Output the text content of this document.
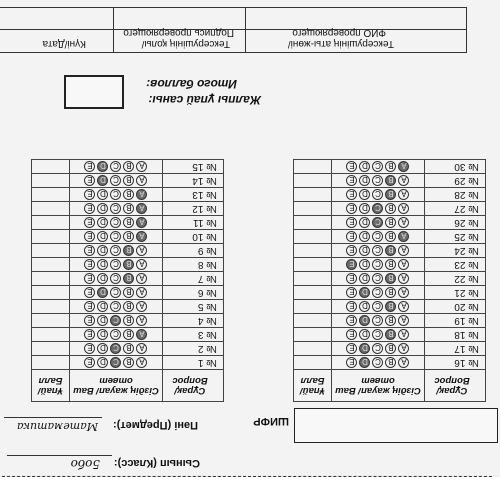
Сынып (Класс):
5обо
Пәні (Предмет):
Математика	ШИФР
Сұрақ/ Вопрос	Сіздің жауап/ Ваш ответ	Ұпай/ Балл
№ 1	ABCDE	
№ 2	ABCDE	
№ 3	ABCDE	
№ 4	ABCDE	
№ 5	ABCDE	
№ 6	ABCDE	
№ 7	ABCDE	
№ 8	ABCDE	
№ 9	ABCDE	
№ 10	ABCDE	
№ 11	ABCDE	
№ 12	ABCDE	
№ 13	ABCDE	
№ 14	ABCDE	
№ 15	ABCDE	
Сұрақ/ Вопрос	Сіздің жауап/ Ваш ответ	Ұпай/ Балл
№ 16	ABCDE	
№ 17	ABCDE	
№ 18	ABCDE	
№ 19	ABCDE	
№ 20	ABCDE	
№ 21	ABCDE	
№ 22	ABCDE	
№ 23	ABCDE	
№ 24	ABCDE	
№ 25	ABCDE	
№ 26	ABCDE	
№ 27	ABCDE	
№ 28	ABCDE	
№ 29	ABCDE	
№ 30	ABCDE	
Жалпы ұпай саны:
Итого баллов:
Тексерушінің аты-жөні/
ФИО проверяющего
Тексерушінің қолы/
Подпись проверяющего
Күні/Дата
